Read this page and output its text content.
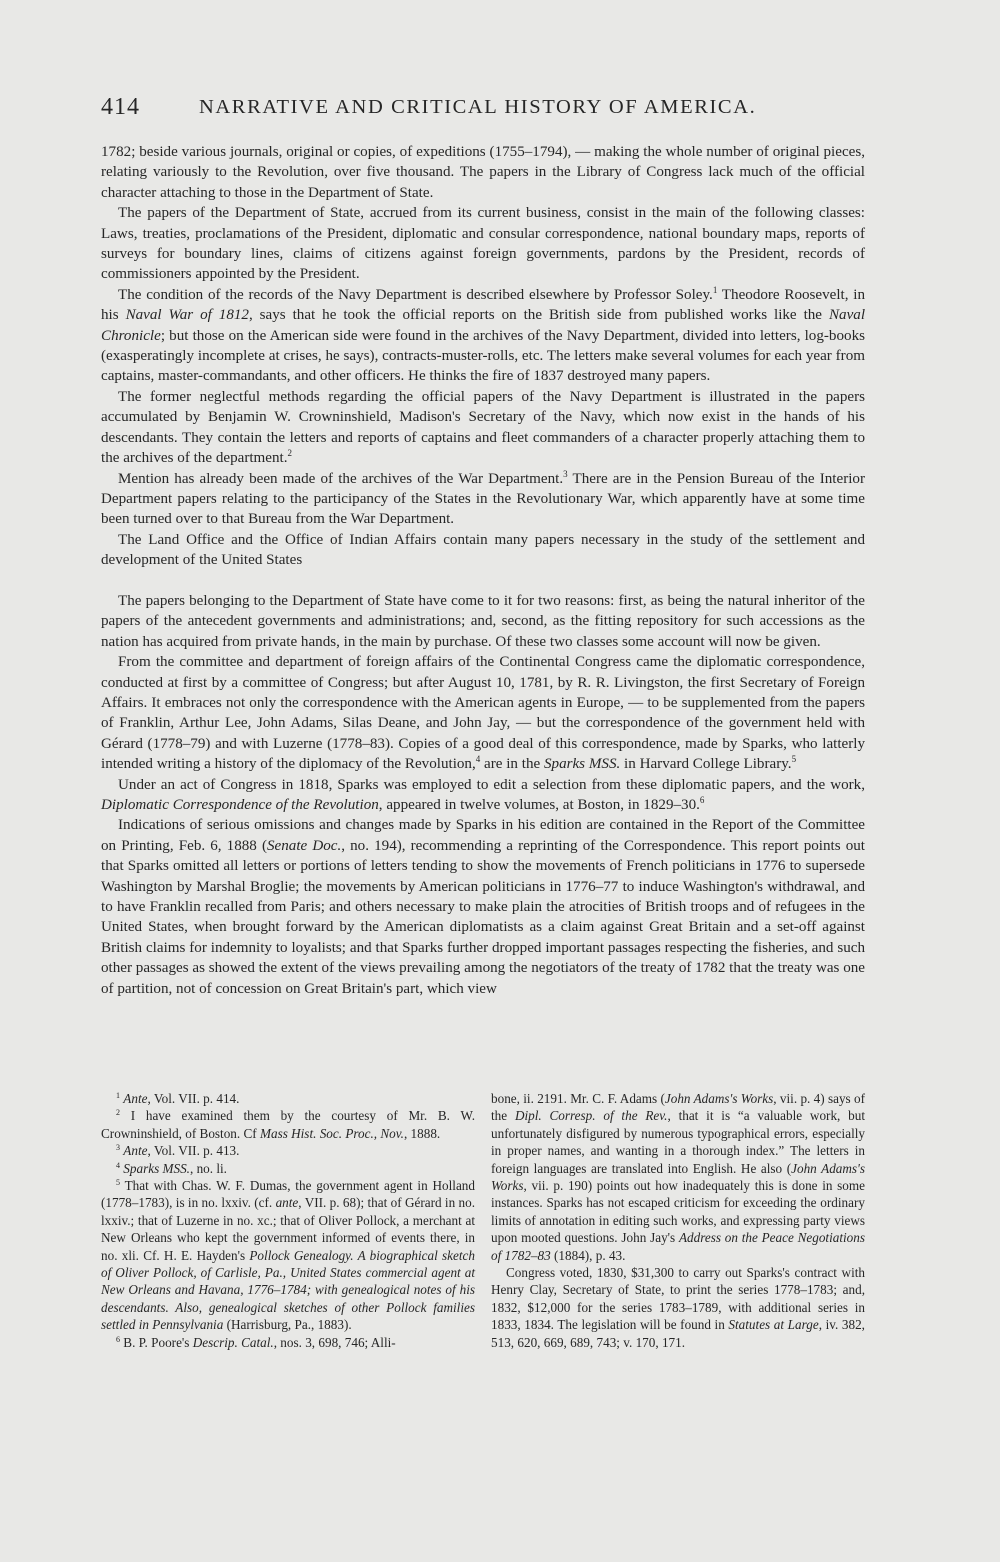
414	NARRATIVE AND CRITICAL HISTORY OF AMERICA.

1782; beside various journals, original or copies, of expeditions (1755–1794), — making the whole number of original pieces, relating variously to the Revolution, over five thousand. The papers in the Library of Congress lack much of the official character attaching to those in the Department of State.

The papers of the Department of State, accrued from its current business, consist in the main of the following classes: Laws, treaties, proclamations of the President, diplomatic and consular correspondence, national boundary maps, reports of surveys for boundary lines, claims of citizens against foreign governments, pardons by the President, records of commissioners appointed by the President.

The condition of the records of the Navy Department is described elsewhere by Professor Soley.$^1$ Theodore Roosevelt, in his Naval War of 1812, says that he took the official reports on the British side from published works like the Naval Chronicle; but those on the American side were found in the archives of the Navy Department, divided into letters, log-books (exasperatingly incomplete at crises, he says), contracts-muster-rolls, etc. The letters make several volumes for each year from captains, master-commandants, and other officers. He thinks the fire of 1837 destroyed many papers.

The former neglectful methods regarding the official papers of the Navy Department is illustrated in the papers accumulated by Benjamin W. Crowninshield, Madison's Secretary of the Navy, which now exist in the hands of his descendants. They contain the letters and reports of captains and fleet commanders of a character properly attaching them to the archives of the department.$^2$

Mention has already been made of the archives of the War Department.$^3$ There are in the Pension Bureau of the Interior Department papers relating to the participancy of the States in the Revolutionary War, which apparently have at some time been turned over to that Bureau from the War Department.

The Land Office and the Office of Indian Affairs contain many papers necessary in the study of the settlement and development of the United States

The papers belonging to the Department of State have come to it for two reasons: first, as being the natural inheritor of the papers of the antecedent governments and administrations; and, second, as the fitting repository for such accessions as the nation has acquired from private hands, in the main by purchase. Of these two classes some account will now be given.

From the committee and department of foreign affairs of the Continental Congress came the diplomatic correspondence, conducted at first by a committee of Congress; but after August 10, 1781, by R. R. Livingston, the first Secretary of Foreign Affairs. It embraces not only the correspondence with the American agents in Europe, — to be supplemented from the papers of Franklin, Arthur Lee, John Adams, Silas Deane, and John Jay, — but the correspondence of the government held with Gérard (1778–79) and with Luzerne (1778–83). Copies of a good deal of this correspondence, made by Sparks, who latterly intended writing a history of the diplomacy of the Revolution,$^4$ are in the Sparks MSS. in Harvard College Library.$^5$

Under an act of Congress in 1818, Sparks was employed to edit a selection from these diplomatic papers, and the work, Diplomatic Correspondence of the Revolution, appeared in twelve volumes, at Boston, in 1829–30.$^6$

Indications of serious omissions and changes made by Sparks in his edition are contained in the Report of the Committee on Printing, Feb. 6, 1888 (Senate Doc., no. 194), recommending a reprinting of the Correspondence. This report points out that Sparks omitted all letters or portions of letters tending to show the movements of French politicians in 1776 to supersede Washington by Marshal Broglie; the movements by American politicians in 1776–77 to induce Washington's withdrawal, and to have Franklin recalled from Paris; and others necessary to make plain the atrocities of British troops and of refugees in the United States, when brought forward by the American diplomatists as a claim against Great Britain and a set-off against British claims for indemnity to loyalists; and that Sparks further dropped important passages respecting the fisheries, and such other passages as showed the extent of the views prevailing among the negotiators of the treaty of 1782 that the treaty was one of partition, not of concession on Great Britain's part, which view

$^1$ Ante, Vol. VII. p. 414.

$^2$ I have examined them by the courtesy of Mr. B. W. Crowninshield, of Boston. Cf Mass Hist. Soc. Proc., Nov., 1888.

$^3$ Ante, Vol. VII. p. 413.

$^4$ Sparks MSS., no. li.

$^5$ That with Chas. W. F. Dumas, the government agent in Holland (1778–1783), is in no. lxxiv. (cf. ante, VII. p. 68); that of Gérard in no. lxxiv.; that of Luzerne in no. xc.; that of Oliver Pollock, a merchant at New Orleans who kept the government informed of events there, in no. xli. Cf. H. E. Hayden's Pollock Genealogy. A biographical sketch of Oliver Pollock, of Carlisle, Pa., United States commercial agent at New Orleans and Havana, 1776–1784; with genealogical notes of his descendants. Also, genealogical sketches of other Pollock families settled in Pennsylvania (Harrisburg, Pa., 1883).

$^6$ B. P. Poore's Descrip. Catal., nos. 3, 698, 746; Alli-

bone, ii. 2191. Mr. C. F. Adams (John Adams's Works, vii. p. 4) says of the Dipl. Corresp. of the Rev., that it is “a valuable work, but unfortunately disfigured by numerous typographical errors, especially in proper names, and wanting in a thorough index.” The letters in foreign languages are translated into English. He also (John Adams's Works, vii. p. 190) points out how inadequately this is done in some instances. Sparks has not escaped criticism for exceeding the ordinary limits of annotation in editing such works, and expressing party views upon mooted questions. John Jay's Address on the Peace Negotiations of 1782–83 (1884), p. 43.

Congress voted, 1830, $31,300 to carry out Sparks's contract with Henry Clay, Secretary of State, to print the series 1778–1783; and, 1832, $12,000 for the series 1783–1789, with additional series in 1833, 1834. The legislation will be found in Statutes at Large, iv. 382, 513, 620, 669, 689, 743; v. 170, 171.
